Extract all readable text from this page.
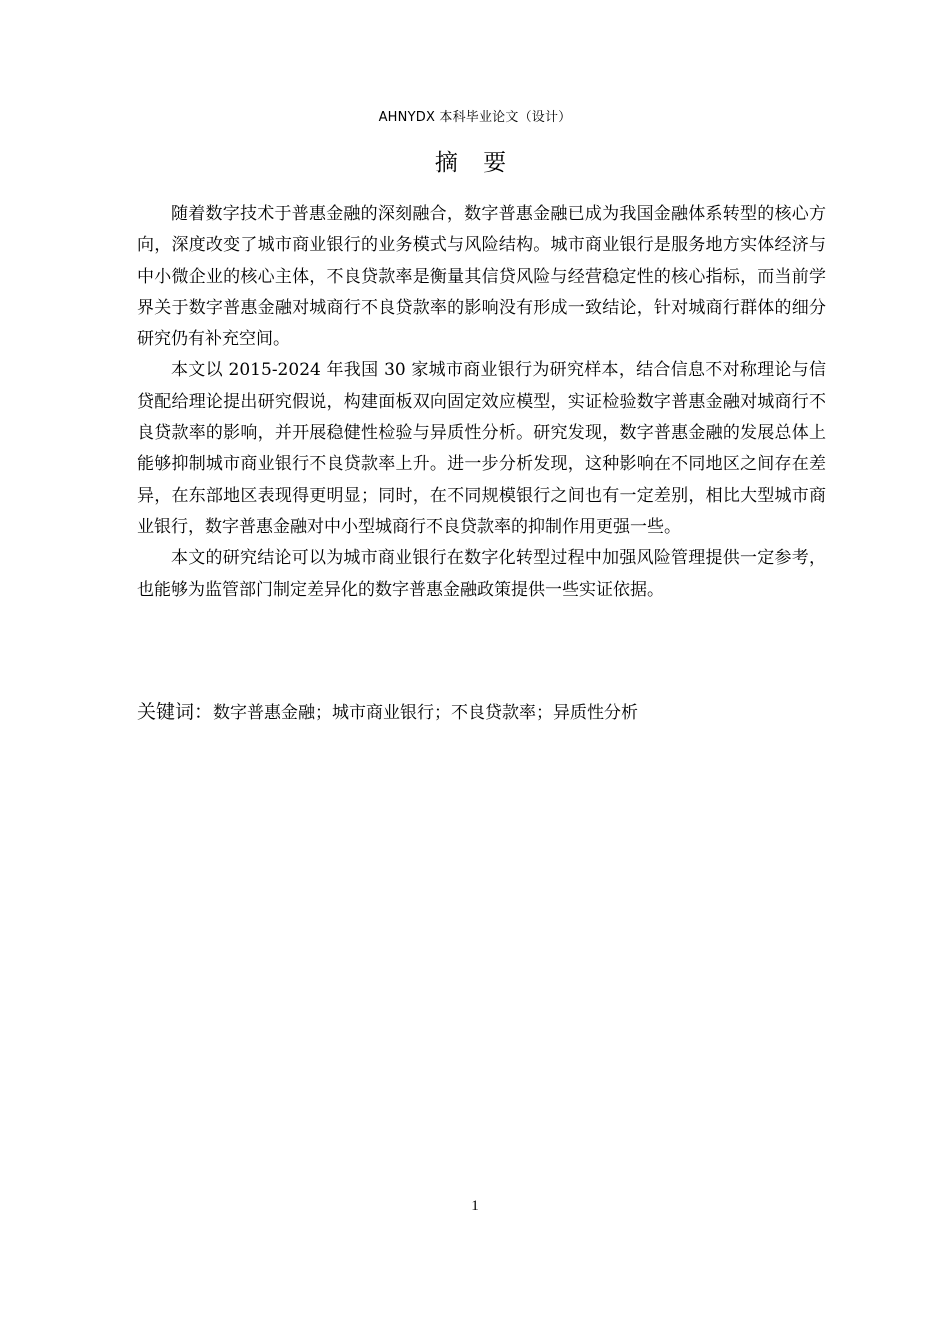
AHNYDX 本科毕业论文（设计）
摘 要

随着数字技术于普惠金融的深刻融合，数字普惠金融已成为我国金融体系转型的核心方向，深度改变了城市商业银行的业务模式与风险结构。城市商业银行是服务地方实体经济与中小微企业的核心主体，不良贷款率是衡量其信贷风险与经营稳定性的核心指标，而当前学界关于数字普惠金融对城商行不良贷款率的影响没有形成一致结论，针对城商行群体的细分研究仍有补充空间。

本文以 2015-2024 年我国 30 家城市商业银行为研究样本，结合信息不对称理论与信贷配给理论提出研究假说，构建面板双向固定效应模型，实证检验数字普惠金融对城商行不良贷款率的影响，并开展稳健性检验与异质性分析。研究发现，数字普惠金融的发展总体上能够抑制城市商业银行不良贷款率上升。进一步分析发现，这种影响在不同地区之间存在差异，在东部地区表现得更明显；同时，在不同规模银行之间也有一定差别，相比大型城市商业银行，数字普惠金融对中小型城商行不良贷款率的抑制作用更强一些。

本文的研究结论可以为城市商业银行在数字化转型过程中加强风险管理提供一定参考，也能够为监管部门制定差异化的数字普惠金融政策提供一些实证依据。

关键词：数字普惠金融；城市商业银行；不良贷款率；异质性分析
1
